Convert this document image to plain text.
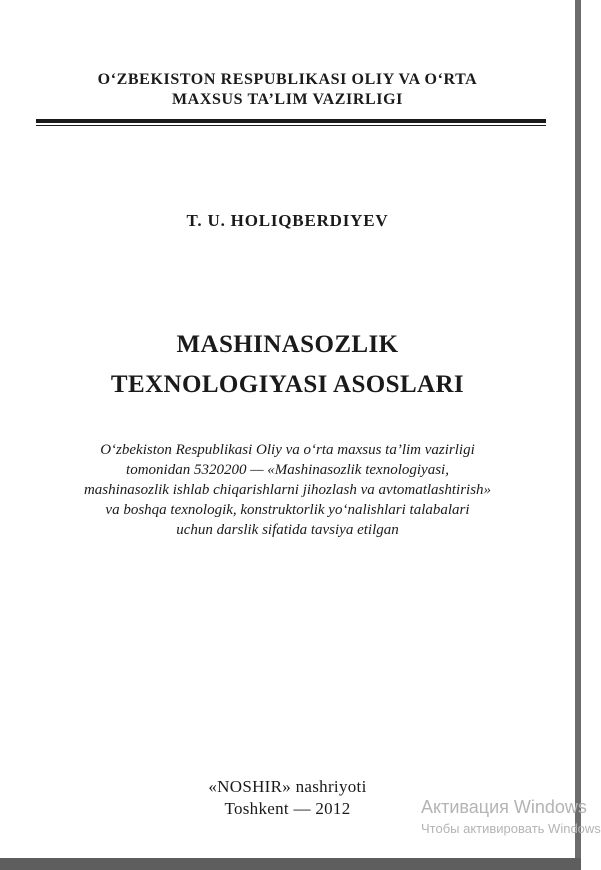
O‘ZBEKISTON RESPUBLIKASI OLIY VA O‘RTA
MAXSUS TA’LIM VAZIRLIGI
T. U. HOLIQBERDIYEV
MASHINASOZLIK
TEXNOLOGIYASI ASOSLARI
O‘zbekiston Respublikasi Oliy va o‘rta maxsus ta’lim vazirligi
tomonidan 5320200 — «Mashinasozlik texnologiyasi,
mashinasozlik ishlab chiqarishlarni jihozlash va avtomatlashtirish»
va boshqa texnologik, konstruktorlik yo‘nalishlari talabalari
uchun darslik sifatida tavsiya etilgan
«NOSHIR» nashriyoti
Toshkent — 2012	Активация Windows
Чтобы активировать Windows
